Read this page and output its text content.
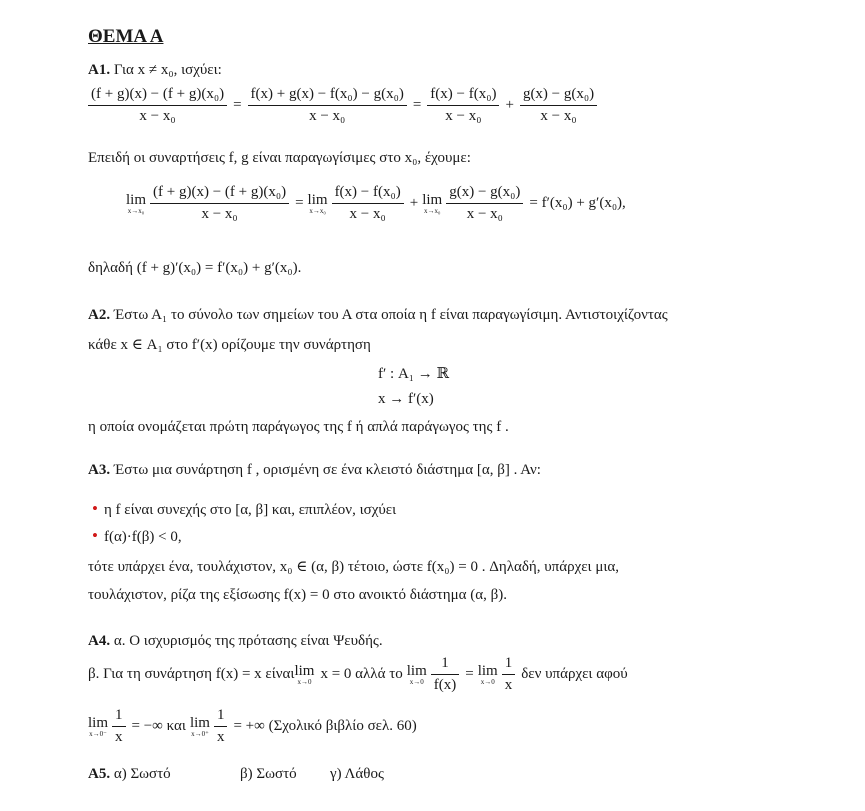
ΘΕΜΑ Α
Α1. Για x ≠ x₀, ισχύει:
$\frac{\text{(f + g)(x) − (f + g)(x₀)}}{\text{x − x₀}} = \frac{\text{f(x) + g(x) − f(x₀) − g(x₀)}}{\text{x − x₀}} = \frac{\text{f(x) − f(x₀)}}{\text{x − x₀}} + \frac{\text{g(x) − g(x₀)}}{\text{x − x₀}}$
Επειδή οι συναρτήσεις f, g είναι παραγωγίσιμες στο x₀, έχουμε:
lim
$x\to x_0 \frac{\text{(f + g)(x) − (f + g)(x₀)}}{\text{x − x₀}} = \lim$
$x\to x_0 \frac{\text{f(x) − f(x₀)}}{\text{x − x₀}} + \lim$
$x\to x_0 \frac{\text{g(x) − g(x₀)}}{\text{x − x₀}} = f'(x_0) + g'(x_0)$,
δηλαδή (f + g)′(x₀) = f′(x₀) + g′(x₀).
Α2. Έστω Α₁ το σύνολο των σημείων του Α στα οποία η f είναι παραγωγίσιμη. Αντιστοιχίζοντας
κάθε x ∈ Α₁ στο f′(x) ορίζουμε την συνάρτηση
f′ : Α₁ → ℝ
x → f′(x)
η οποία ονομάζεται πρώτη παράγωγος της f ή απλά παράγωγος της f .
Α3. Έστω μια συνάρτηση f , ορισμένη σε ένα κλειστό διάστημα [α, β] . Αν:
• η f είναι συνεχής στο [α, β] και, επιπλέον, ισχύει
• f(α)·f(β) < 0,
τότε υπάρχει ένα, τουλάχιστον, x₀ ∈ (α, β) τέτοιο, ώστε f(x₀) = 0 . Δηλαδή, υπάρχει μια,
τουλάχιστον, ρίζα της εξίσωσης f(x) = 0 στο ανοικτό διάστημα (α, β).
Α4. α. Ο ισχυρισμός της πρότασης είναι Ψευδής.
β. Για τη συνάρτηση f(x) = x είναι lim
x→0 x = 0 αλλά το lim
$x\to 0 \frac{1}{f(x)} = \lim$
$x\to 0 \frac{1}{x}$ δεν υπάρχει αφού
lim
$x\to 0^- \frac{1}{x}$ = −∞ και lim
$x\to 0^+ \frac{1}{x}$ = +∞ (Σχολικό βιβλίο σελ. 60)
Α5. α) Σωστό	β) Σωστό γ) Λάθος
